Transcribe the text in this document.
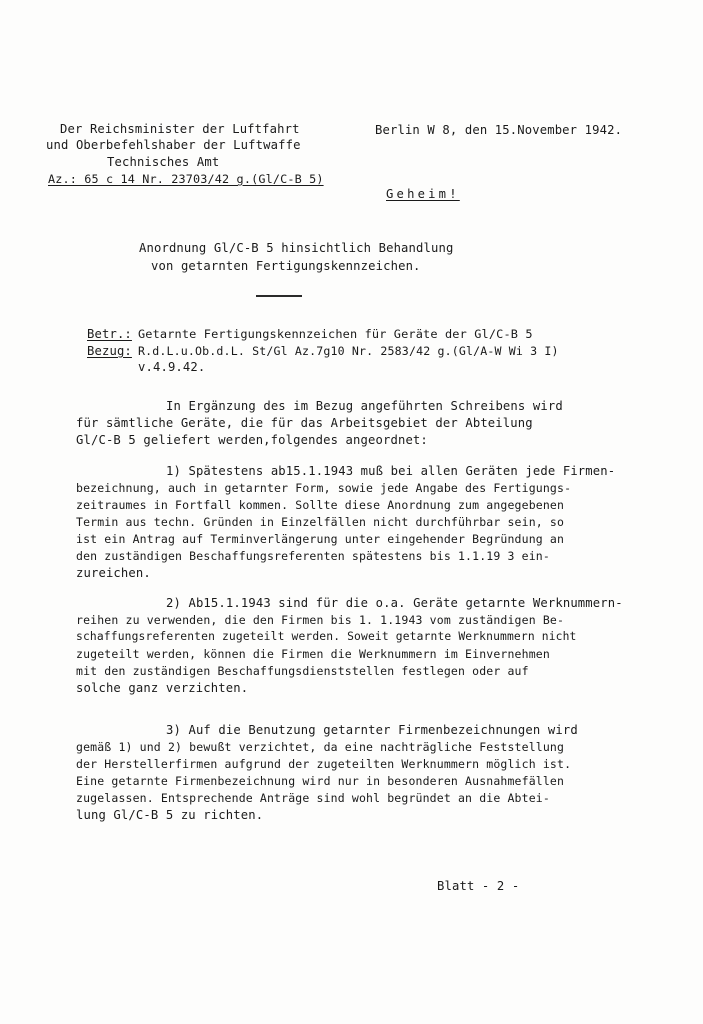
Der Reichsminister der Luftfahrt
und Oberbefehlshaber der Luftwaffe
Technisches Amt
Az.: 65 c 14 Nr. 23703/42 g.(Gl/C-B 5)
Berlin W 8, den 15.November 1942.
Geheim!
Anordnung Gl/C-B 5 hinsichtlich Behandlung
von getarnten Fertigungskennzeichen.
Betr.: Getarnte Fertigungskennzeichen für Geräte der Gl/C-B 5
Bezug: R.d.L.u.Ob.d.L. St/Gl Az.7g10 Nr. 2583/42 g.(Gl/A-W Wi 3 I)
v.4.9.42.
In Ergänzung des im Bezug angeführten Schreibens wird
für sämtliche Geräte, die für das Arbeitsgebiet der Abteilung
Gl/C-B 5 geliefert werden,folgendes angeordnet:
1) Spätestens ab15.1.1943 muß bei allen Geräten jede Firmen-
bezeichnung, auch in getarnter Form, sowie jede Angabe des Fertigungs-
zeitraumes in Fortfall kommen. Sollte diese Anordnung zum angegebenen
Termin aus techn. Gründen in Einzelfällen nicht durchführbar sein, so
ist ein Antrag auf Terminverlängerung unter eingehender Begründung an
den zuständigen Beschaffungsreferenten spätestens bis 1.1.19 3 ein-
zureichen.
2) Ab15.1.1943 sind für die o.a. Geräte getarnte Werknummern-
reihen zu verwenden, die den Firmen bis 1. 1.1943 vom zuständigen Be-
schaffungsreferenten zugeteilt werden. Soweit getarnte Werknummern nicht
zugeteilt werden, können die Firmen die Werknummern im Einvernehmen
mit den zuständigen Beschaffungsdienststellen festlegen oder auf
solche ganz verzichten.
3) Auf die Benutzung getarnter Firmenbezeichnungen wird
gemäß 1) und 2) bewußt verzichtet, da eine nachträgliche Feststellung
der Herstellerfirmen aufgrund der zugeteilten Werknummern möglich ist.
Eine getarnte Firmenbezeichnung wird nur in besonderen Ausnahmefällen
zugelassen. Entsprechende Anträge sind wohl begründet an die Abtei-
lung Gl/C-B 5 zu richten.
Blatt - 2 -
